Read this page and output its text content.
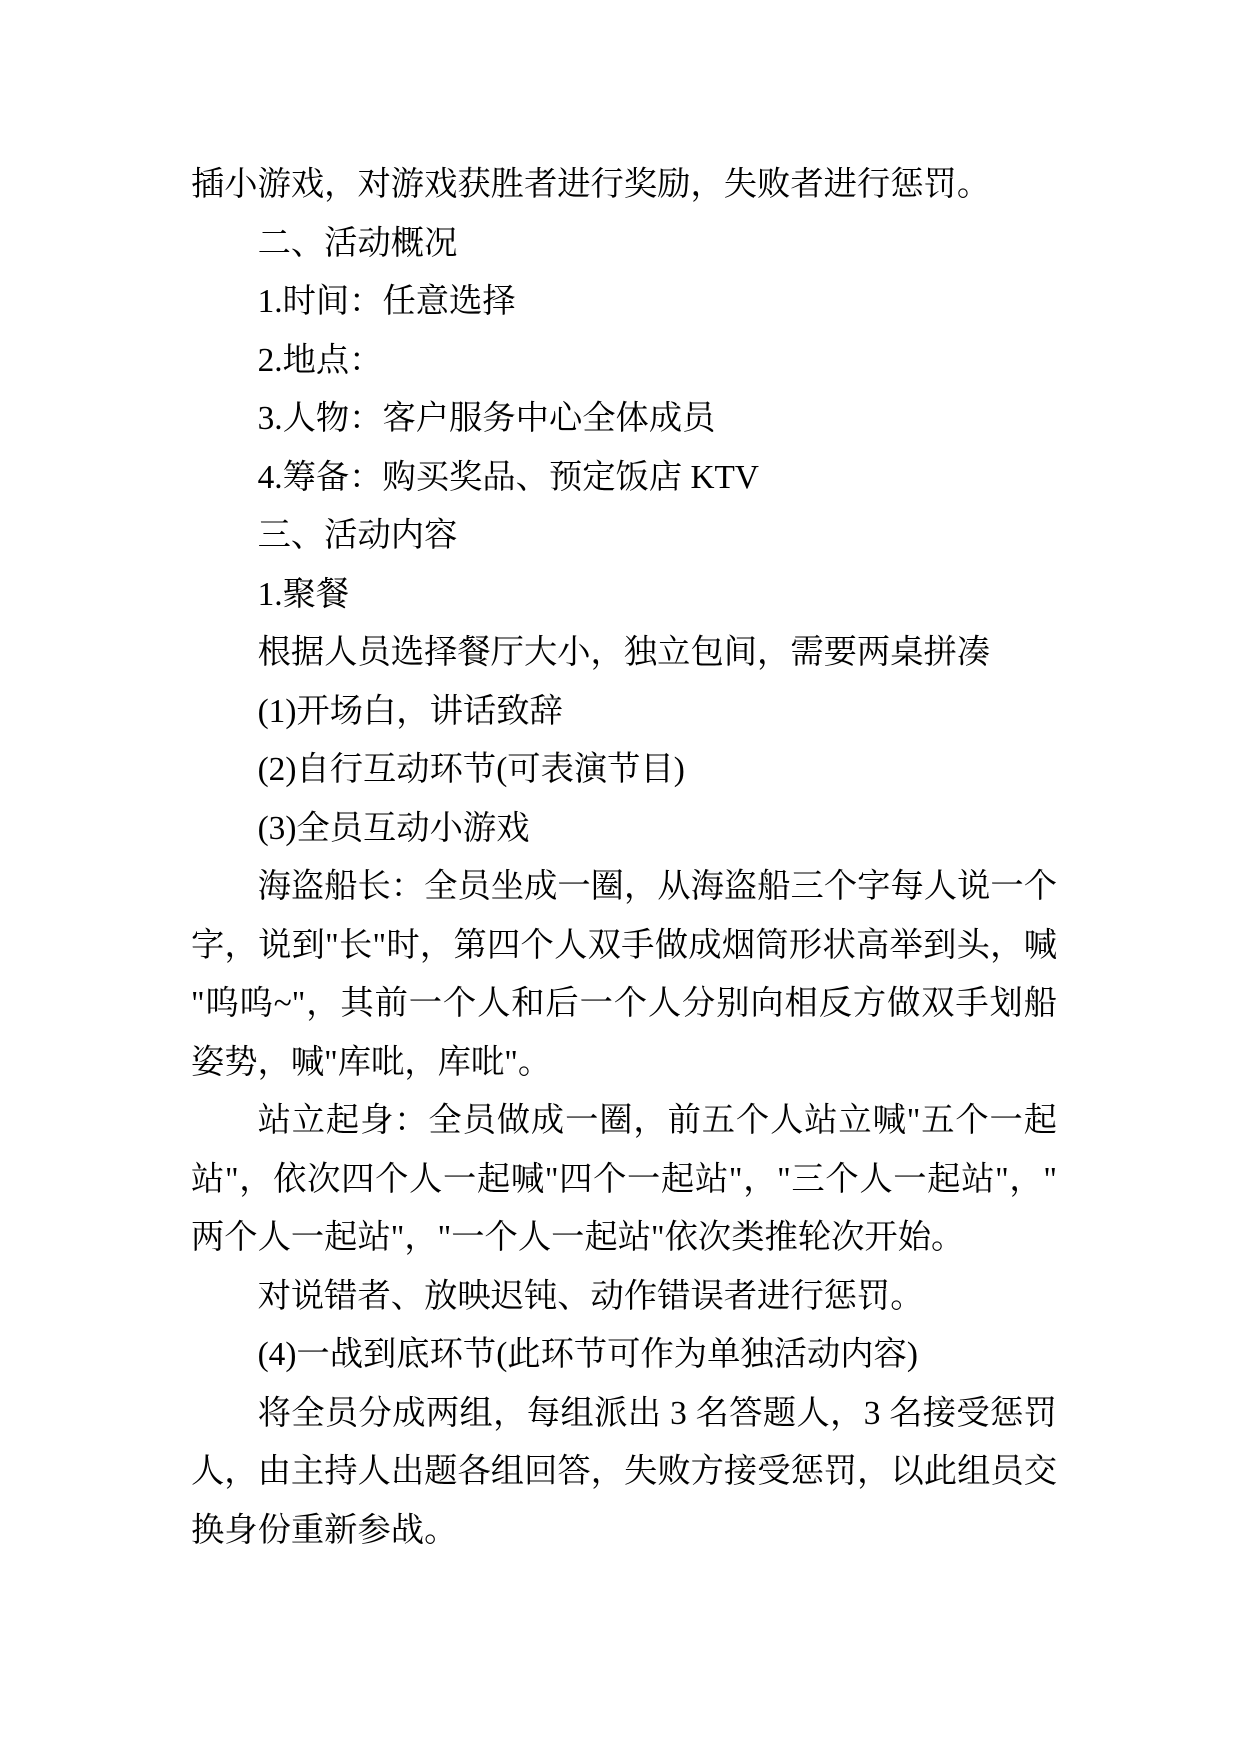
插小游戏，对游戏获胜者进行奖励，失败者进行惩罚。
二、活动概况
1.时间：任意选择
2.地点：
3.人物：客户服务中心全体成员
4.筹备：购买奖品、预定饭店 KTV
三、活动内容
1.聚餐
根据人员选择餐厅大小，独立包间，需要两桌拼凑
(1)开场白，讲话致辞
(2)自行互动环节(可表演节目)
(3)全员互动小游戏
海盗船长：全员坐成一圈，从海盗船三个字每人说一个
字，说到"长"时，第四个人双手做成烟筒形状高举到头，喊
"呜呜~"，其前一个人和后一个人分别向相反方做双手划船
姿势，喊"库吡，库吡"。
站立起身：全员做成一圈，前五个人站立喊"五个一起
站"，依次四个人一起喊"四个一起站"，"三个人一起站"，"
两个人一起站"，"一个人一起站"依次类推轮次开始。
对说错者、放映迟钝、动作错误者进行惩罚。
(4)一战到底环节(此环节可作为单独活动内容)
将全员分成两组，每组派出 3 名答题人，3 名接受惩罚
人，由主持人出题各组回答，失败方接受惩罚，以此组员交
换身份重新参战。
